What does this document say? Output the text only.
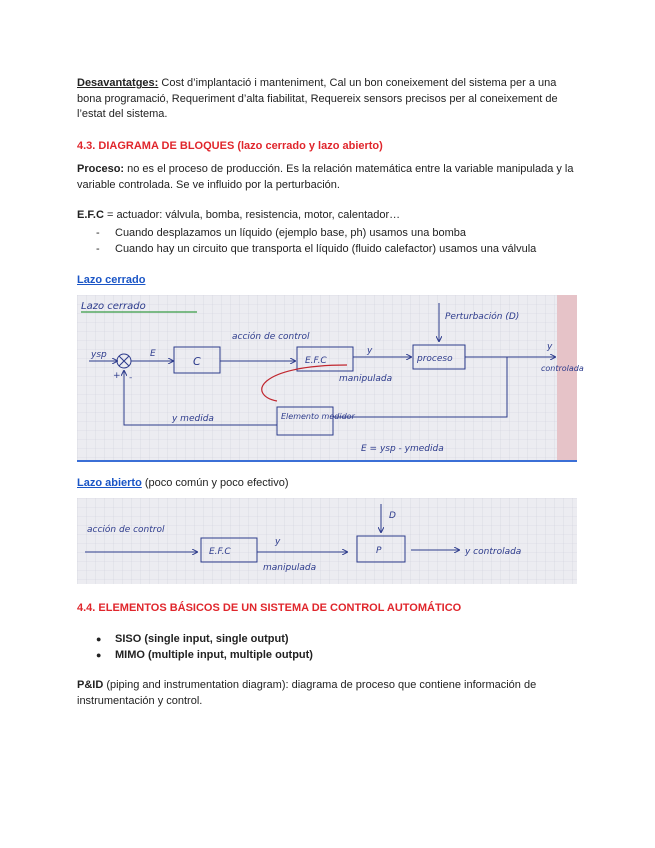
Desavantatges: Cost d’implantació i manteniment, Cal un bon coneixement del sistema per a una bona programació, Requeriment d’alta fiabilitat, Requereix sensors precisos per al coneixement de l’estat del sistema.

4.3. DIAGRAMA DE BLOQUES (lazo cerrado y lazo abierto)

Proceso: no es el proceso de producción. Es la relación matemática entre la variable manipulada y la variable controlada. Se ve influido por la perturbación.

E.F.C = actuador: válvula, bomba, resistencia, motor, calentador…

- Cuando desplazamos un líquido (ejemplo base, ph) usamos una bomba
- Cuando hay un circuito que transporta el líquido (fluido calefactor) usamos una válvula

Lazo cerrado

Lazo cerrado
ysp
+ -
E
C
acción de control
E.F.C
y
manipulada
proceso
Perturbación (D)
y
controlada
Elemento medidor
y medida
E = ysp - ymedida

Lazo abierto (poco común y poco efectivo)

acción de control
E.F.C
y
manipulada
D
P	y controlada

4.4. ELEMENTOS BÁSICOS DE UN SISTEMA DE CONTROL AUTOMÁTICO

● SISO (single input, single output)
● MIMO (multiple input, multiple output)

P&ID (piping and instrumentation diagram): diagrama de proceso que contiene información de instrumentación y control.
